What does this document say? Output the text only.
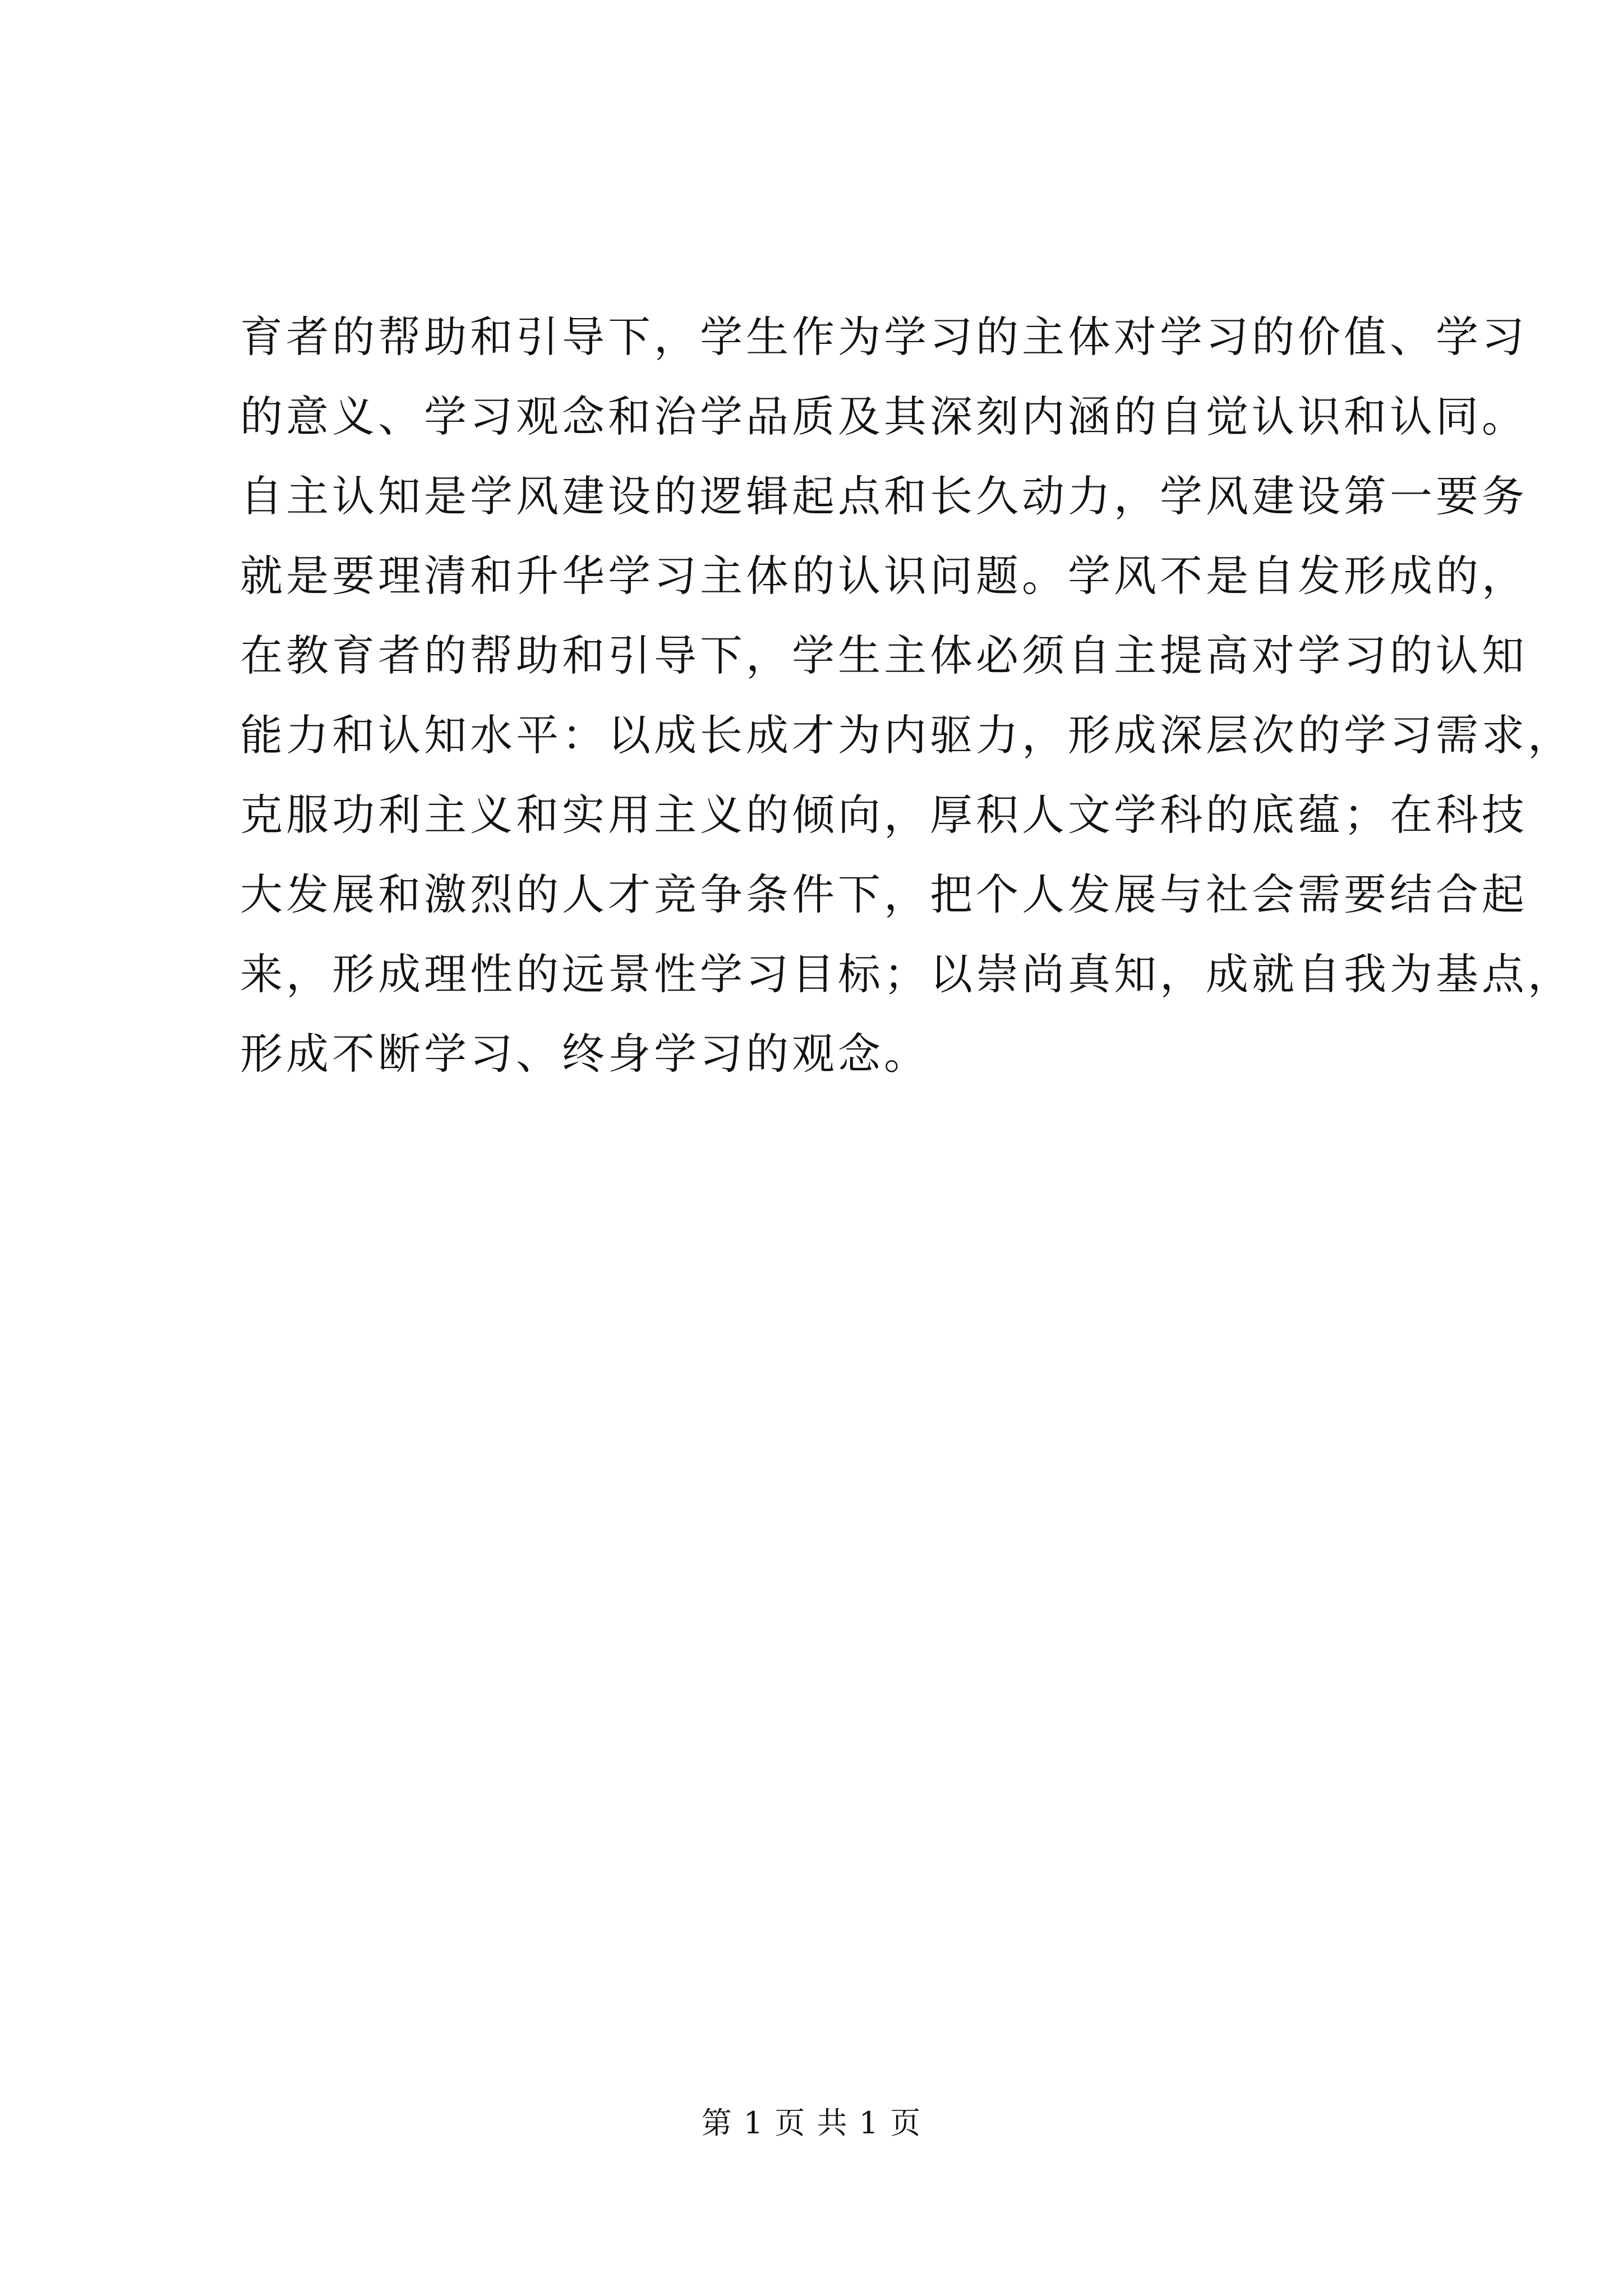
育者的帮助和引导下，学生作为学习的主体对学习的价值、学习
的意义、学习观念和治学品质及其深刻内涵的自觉认识和认同。
自主认知是学风建设的逻辑起点和长久动力，学风建设第一要务
就是要理清和升华学习主体的认识问题。学风不是自发形成的，
在教育者的帮助和引导下，学生主体必须自主提高对学习的认知
能力和认知水平：以成长成才为内驱力，形成深层次的学习需求，
克服功利主义和实用主义的倾向，厚积人文学科的底蕴；在科技
大发展和激烈的人才竞争条件下，把个人发展与社会需要结合起
来，形成理性的远景性学习目标；以崇尚真知，成就自我为基点，
形成不断学习、终身学习的观念。
第 1 页 共 1 页
